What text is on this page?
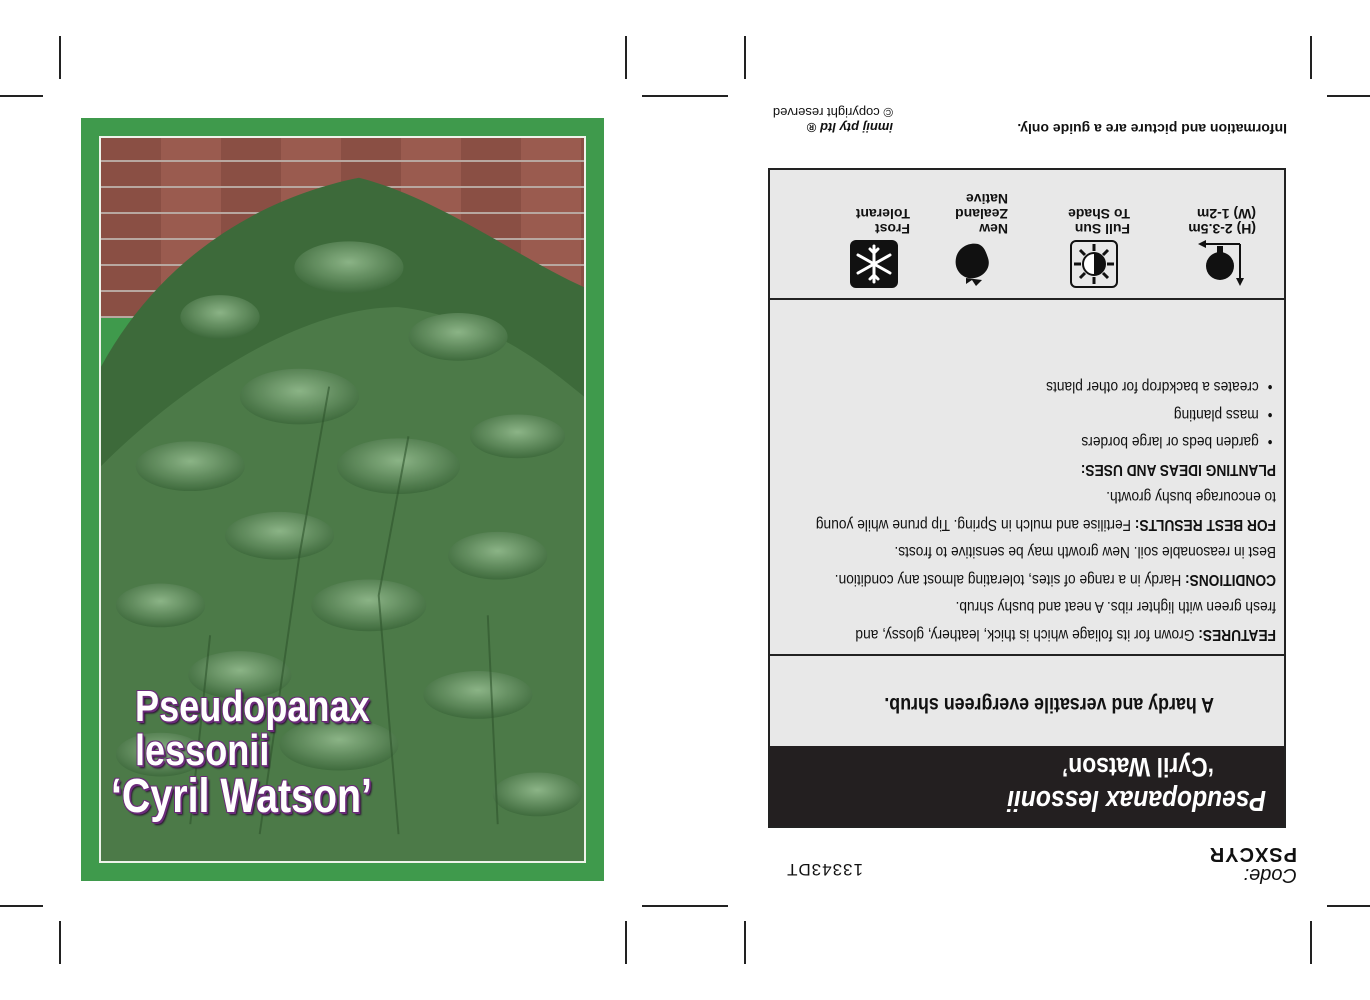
Pseudopanax lessonii
‘Cyril Watson’
Code:
PSXCYR
13343DT
Pseudopanax lessonii
‘Cyril Watson’
A hardy and versatile evergreen shrub.

FEATURES: Grown for its foliage which is thick, leathery, glossy, and

fresh green with lighter ribs. A neat and bushy shrub.

CONDITIONS: Hardy in a range of sites, tolerating almost any condition.

Best in reasonable soil. New growth may be sensitive to frosts.

FOR BEST RESULTS: Fertilise and mulch in Spring. Tip prune while young

to encourage bushy growth.

PLANTING IDEAS AND USES:

• garden beds or large borders
• mass planting
• creates a backdrop for other plants
(H) 2-3.5m
(W) 1-2m
Full Sun
To Shade
New
Zealand
Native
Frost
Tolerant
Information and picture are a guide only.
imnij pty ltd ®
© copyright reserved
